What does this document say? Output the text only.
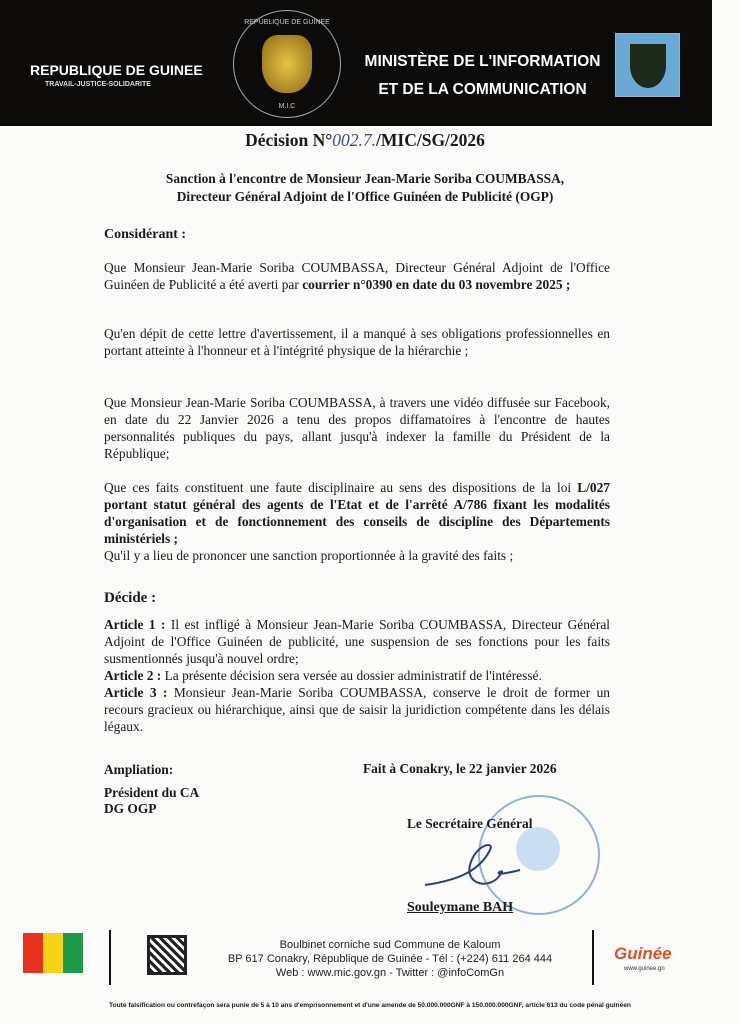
REPUBLIQUE DE GUINEE
TRAVAIL-JUSTICE-SOLIDARITE
REPUBLIQUE DE GUINEE
M.I.C
MINISTÈRE DE L'INFORMATION
ET DE LA COMMUNICATION
Décision N°002.7./MIC/SG/2026
Sanction à l'encontre de Monsieur Jean-Marie Soriba COUMBASSA,
Directeur Général Adjoint de l'Office Guinéen de Publicité (OGP)
Considérant :
Que Monsieur Jean-Marie Soriba COUMBASSA, Directeur Général Adjoint de l'Office Guinéen de Publicité a été averti par courrier n°0390 en date du 03 novembre 2025 ;
Qu'en dépit de cette lettre d'avertissement, il a manqué à ses obligations professionnelles en portant atteinte à l'honneur et à l'intégrité physique de la hiérarchie ;
Que Monsieur Jean-Marie Soriba COUMBASSA, à travers une vidéo diffusée sur Facebook, en date du 22 Janvier 2026 a tenu des propos diffamatoires à l'encontre de hautes personnalités publiques du pays, allant jusqu'à indexer la famille du Président de la République;
Que ces faits constituent une faute disciplinaire au sens des dispositions de la loi L/027 portant statut général des agents de l'Etat et de l'arrêté A/786 fixant les modalités d'organisation et de fonctionnement des conseils de discipline des Départements ministériels ;
Qu'il y a lieu de prononcer une sanction proportionnée à la gravité des faits ;
Décide :
Article 1 : Il est infligé à Monsieur Jean-Marie Soriba COUMBASSA, Directeur Général Adjoint de l'Office Guinéen de publicité, une suspension de ses fonctions pour les faits susmentionnés jusqu'à nouvel ordre;
Article 2 : La présente décision sera versée au dossier administratif de l'intéressé.
Article 3 : Monsieur Jean-Marie Soriba COUMBASSA, conserve le droit de former un recours gracieux ou hiérarchique, ainsi que de saisir la juridiction compétente dans les délais légaux.
Ampliation:
Président du CA
DG OGP
Fait à Conakry, le 22 janvier 2026
Le Secrétaire Général
Souleymane BAH
Boulbinet corniche sud Commune de Kaloum
BP 617 Conakry, République de Guinée - Tél : (+224) 611 264 444
Web : www.mic.gov.gn - Twitter : @infoComGn
Guinée
www.guinee.gn
Toute falsification ou contrefaçon sera punie de 5 à 10 ans d'emprisonnement et d'une amende de 50.000.000GNF à 150.000.000GNF, article 613 du code pénal guinéen
